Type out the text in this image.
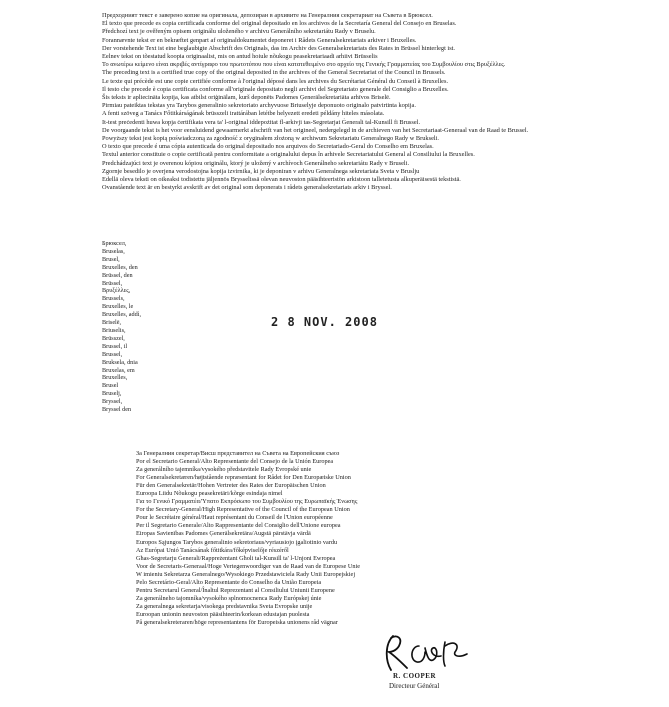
Предходният текст е заверено копие на оригинала, депозиран в архивите на Генералния секретариат на Съвета в Брюксел.
El texto que precede es copia certificada conforme del original depositado en los archivos de la Secretaría General del Consejo en Bruselas.
Předchozí text je ověřeným opisem originálu uloženého v archivu Generálního sekretariátu Rady v Bruselu.
Forannævnte tekst er en bekræftet genpart af originaldokumentet deponeret i Rådets Generalsekretariats arkiver i Bruxelles.
Der vorstehende Text ist eine beglaubigte Abschrift des Originals, das im Archiv des Generalsekretariats des Rates in Brüssel hinterlegt ist.
Eelnev tekst on tõestatud koopia originaalist, mis on antud hoiule nõukogu peasekretariaadi arhiivi Brüsselis
Το ανωτέρω κείμενο είναι ακριβές αντίγραφο του πρωτοτύπου που είναι κατατεθειμένο στο αρχείο της Γενικής Γραμματείας του Συμβουλίου στις Βρυξέλλες.
The preceding text is a certified true copy of the original deposited in the archives of the General Secretariat of the Council in Brussels.
Le texte qui précède est une copie certifiée conforme à l'original déposé dans les archives du Secrétariat Général du Conseil à Bruxelles.
Il testo che precede è copia certificata conforme all'originale depositato negli archivi del Segretariato generale del Consiglio a Bruxelles.
Šis teksts ir apliecināta kopija, kas atbilst oriģinālam, kurš deponēts Padomes Ģenerālsekretariāta arhīvos Briselē.
Pirmiau pateiktas tekstas yra Tarybos generalinio sekretoriato archyvuose Briuselyje deponuoto originalo patvirtinta kopija.
A fenti szöveg a Tanács Főtitkárságának brüsszeli irattárában letétbe helyezett eredeti példány hiteles másolata.
It-test preċedenti huwa kopja ċertifikata vera ta' l-oriġinal iddepożitat fl-arkivji tas-Segretarjat Ġenerali tal-Kunsill fi Brussel.
De voorgaande tekst is het voor eensluidend gewaarmerkt afschrift van het origineel, nedergelegd in de archieven van het Secretariaat-Generaal van de Raad te Brussel.
Powyższy tekst jest kopią poświadczoną za zgodność z oryginałem złożoną w archiwum Sekretariatu Generalnego Rady w Brukseli.
O texto que precede é uma cópia autenticada do original depositado nos arquivos do Secretariado-Geral do Conselho em Bruxelas.
Textul anterior constituie o copie certificată pentru conformitate a originalului depus în arhivele Secretariatului General al Consiliului la Bruxelles.
Predchádzajúci text je overenou kópiou originálu, ktorý je uložený v archívoch Generálneho sekretariátu Rady v Bruseli.
Zgornje besedilo je overjena verodostojna kopija izvirnika, ki je deponiran v arhivu Generalnega sekretariata Sveta v Bruslju
Edellä oleva teksti on oikeaksi todistettu jäljennös Brysselissä olevan neuvoston pääsihteeristön arkistoon talletetusta alkuperäisestä tekstistä.
Ovanstående text är en bestyrkt avskrift av det original som deponerats i rådets generalsekretariats arkiv i Bryssel.
Брюксел,
Bruselas,
Brusel,
Bruxelles, den
Brüssel, den
Brüssel,
Βρυξέλλες,
Brussels,
Bruxelles, le
Bruxelles, addì,
Briselē,
Briuselis,
Brüsszel,
Brussel, il
Brussel,
Bruksela, dnia
Bruxelas, em
Bruxelles,
Brusel
Bruselj,
Bryssel,
Bryssel den
2 8 NOV. 2008
За Генералния секретар/Висш представител на Съвета на Европейския съюз
Por el Secretario General/Alto Representante del Consejo de la Unión Europea
Za generálního tajemníka/vysokého představitele Rady Evropské unie
For Generalsekretæren/højtstående repræsentant for Rådet for Den Europæiske Union
Für den Generalsekretär/Hohen Vertreter des Rates der Europäischen Union
Euroopa Liidu Nõukogu peasekretäri/kõrge esindaja nimel
Για το Γενικό Γραμματέα/Ύπατο Εκπρόσωπο του Συμβουλίου της Ευρωπαϊκής Ένωσης
For the Secretary-General/High Representative of the Council of the European Union
Pour le Secrétaire général/Haut représentant du Conseil de l'Union européenne
Per il Segretario Generale/Alto Rappresentante del Consiglio dell'Unione europea
Eiropas Savienības Padomes Ģenerālsekretāra/Augstā pārstāvja vārdā
Europos Sąjungos Tarybos generalinio sekretoriaus/vyriausiojo įgaliotinio vardu
Az Európai Unió Tanácsának főtitkára/főképviselője részéről
Għas-Segretarju Ġenerali/Rappreżentant Għoli tal-Kunsill ta' l-Unjoni Ewropea
Voor de Secretaris-Generaal/Hoge Vertegenwoordiger van de Raad van de Europese Unie
W imieniu Sekretarza Generalnego/Wysokiego Przedstawiciela Rady Unii Europejskiej
Pelo Secretário-Geral/Alto Representante do Conselho da União Europeia
Pentru Secretarul General/Înaltul Reprezentant al Consiliului Uniunii Europene
Za generálneho tajomníka/vysokého splnomocnenca Rady Európskej únie
Za generalnega sekretarja/visokega predstavnika Sveta Evropske unije
Euroopan unionin neuvoston pääsihteerin/korkean edustajan puolesta
På generalsekreteraren/höge representantens för Europeiska unionens råd vägnar
R. COOPER
Directeur Général
